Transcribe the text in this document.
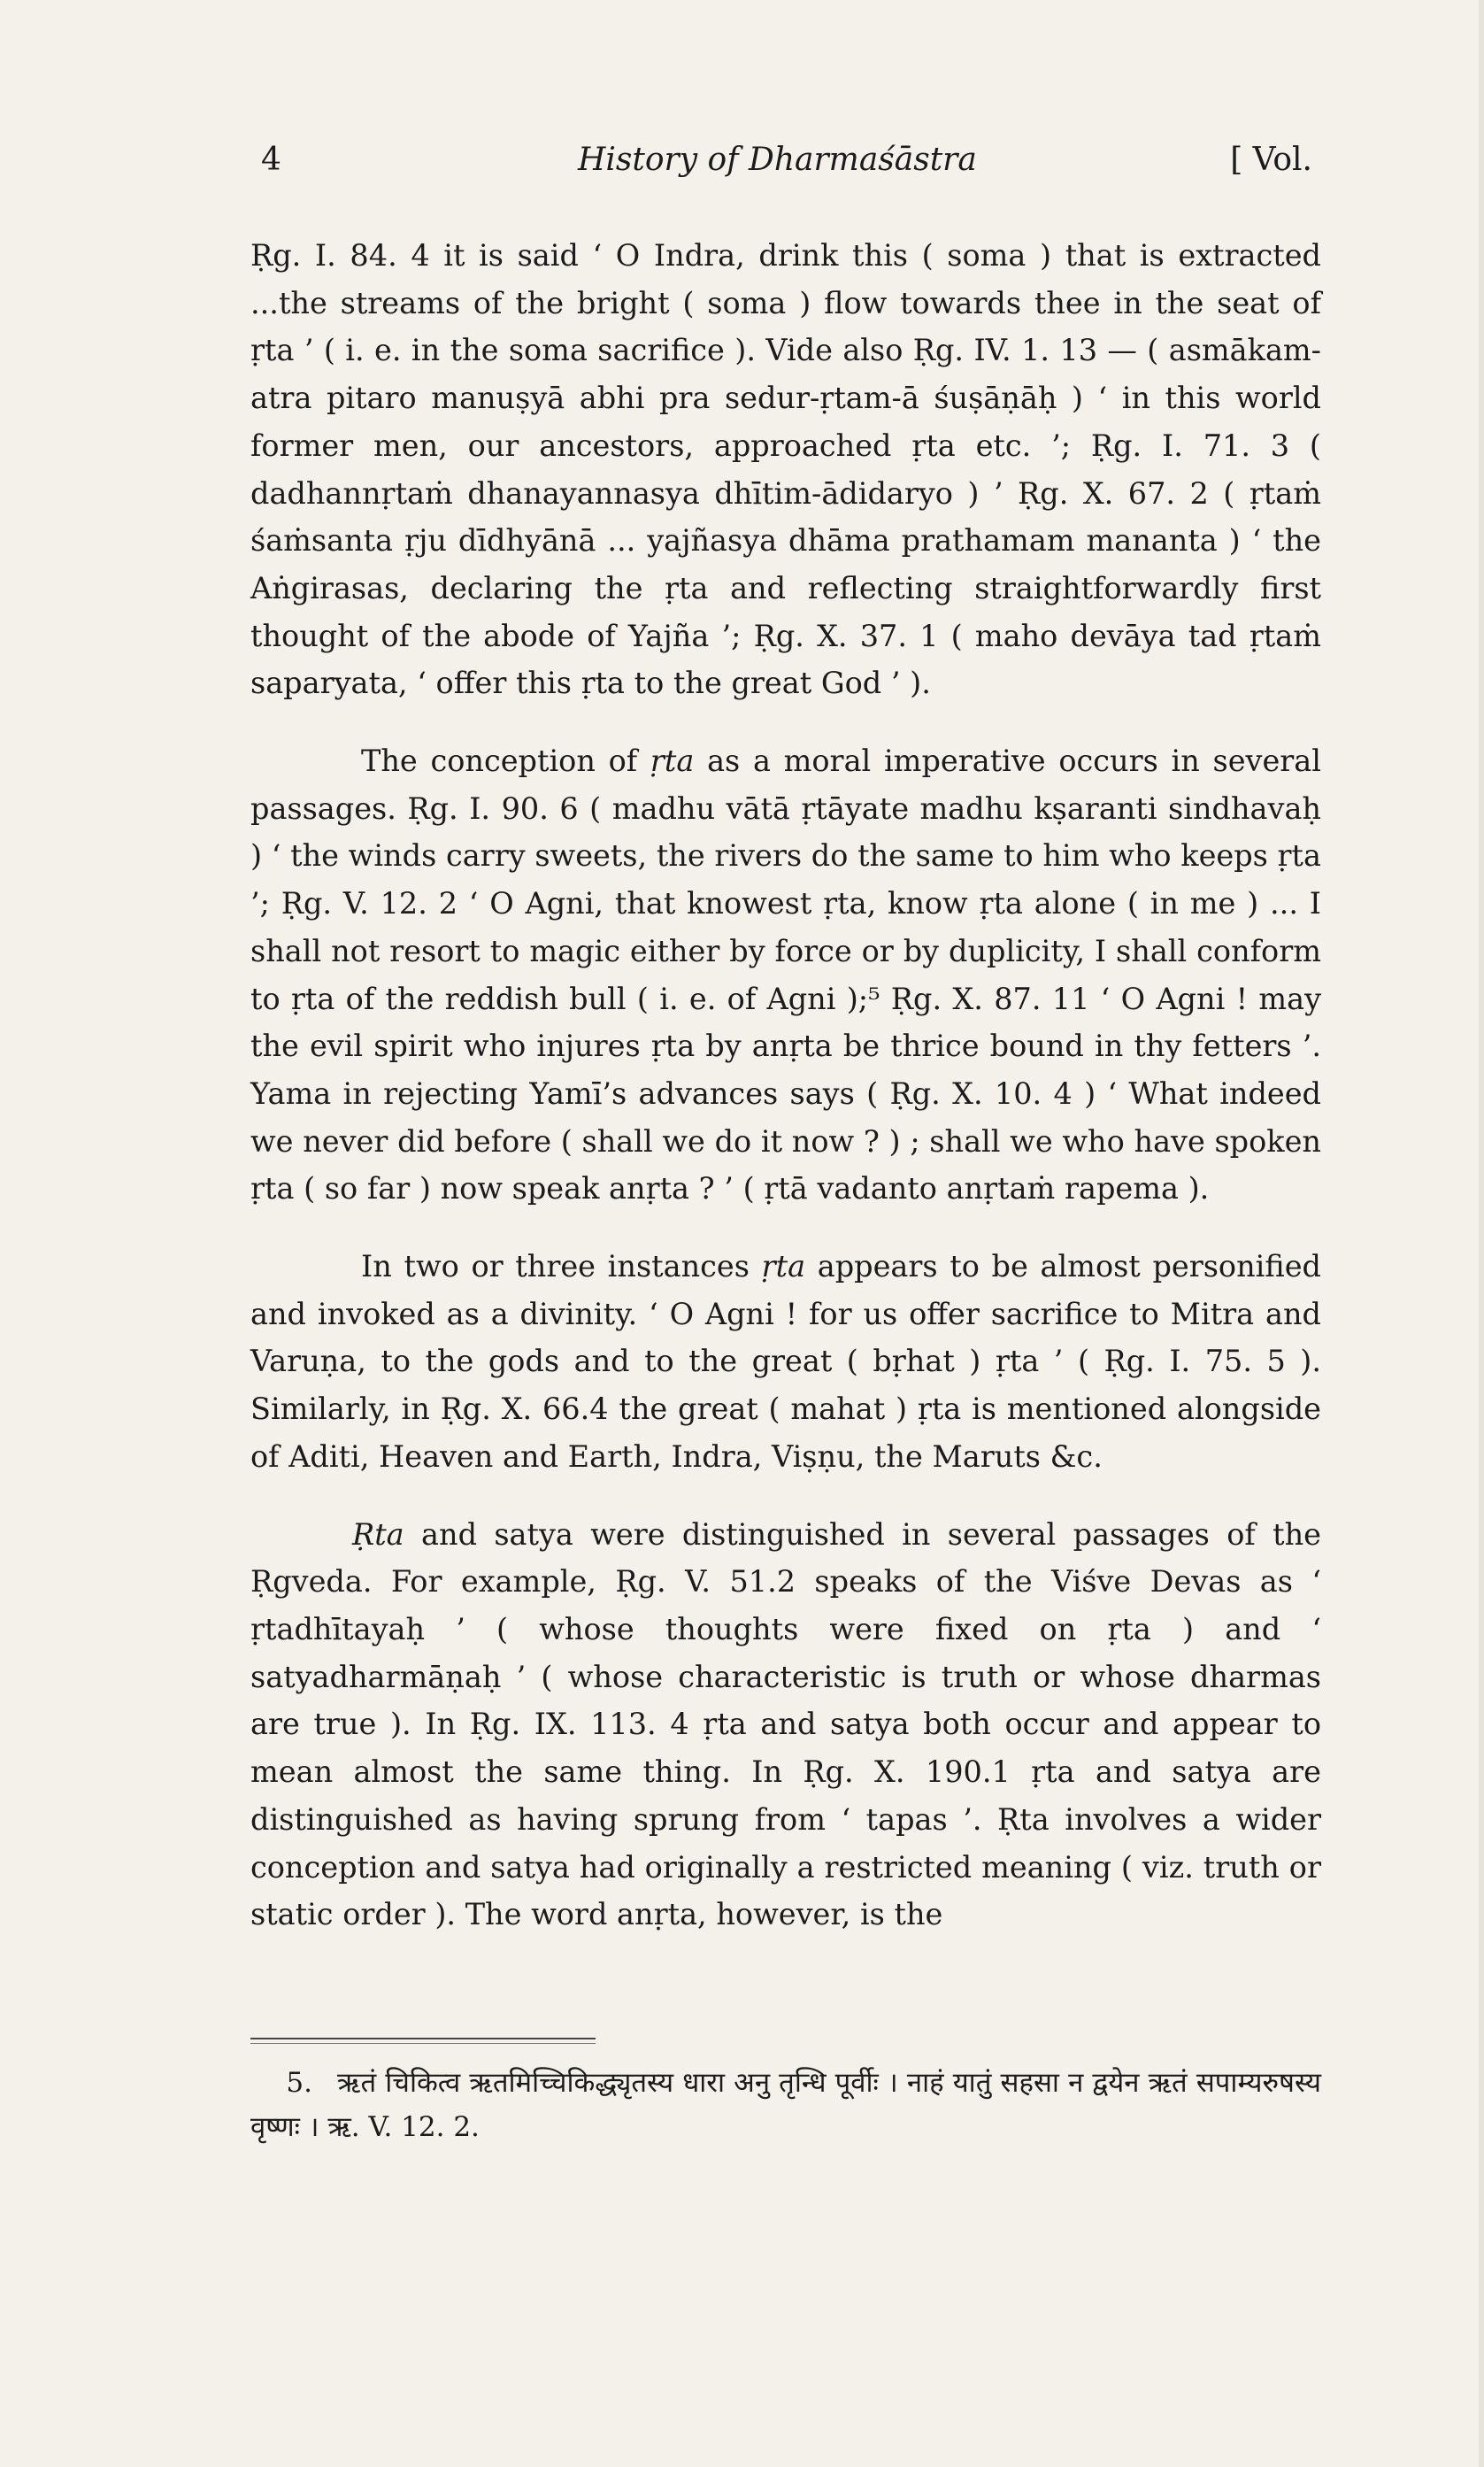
4	History of Dharmaśāstra	[ Vol.

Ṛg. I. 84. 4 it is said ‘ O Indra, drink this ( soma ) that is extracted ...the streams of the bright ( soma ) flow towards thee in the seat of ṛta ’ ( i. e. in the soma sacrifice ). Vide also Ṛg. IV. 1. 13 — ( asmākam-atra pitaro manuṣyā abhi pra sedur-ṛtam-ā śuṣāṇāḥ ) ‘ in this world former men, our ancestors, approached ṛta etc. ’; Ṛg. I. 71. 3 ( dadhannṛtaṁ dhanayannasya dhītim-ādidaryo ) ’ Ṛg. X. 67. 2 ( ṛtaṁ śaṁsanta ṛju dīdhyānā ... yajñasya dhāma prathamam mananta ) ‘ the Aṅgirasas, declaring the ṛta and reflecting straightforwardly first thought of the abode of Yajña ’; Ṛg. X. 37. 1 ( maho devāya tad ṛtaṁ saparyata, ‘ offer this ṛta to the great God ’ ).

The conception of ṛta as a moral imperative occurs in several passages. Ṛg. I. 90. 6 ( madhu vātā ṛtāyate madhu kṣaranti sindhavaḥ ) ‘ the winds carry sweets, the rivers do the same to him who keeps ṛta ’; Ṛg. V. 12. 2 ‘ O Agni, that knowest ṛta, know ṛta alone ( in me ) ... I shall not resort to magic either by force or by duplicity, I shall conform to ṛta of the reddish bull ( i. e. of Agni );⁵ Ṛg. X. 87. 11 ‘ O Agni ! may the evil spirit who injures ṛta by anṛta be thrice bound in thy fetters ’. Yama in rejecting Yamī’s advances says ( Ṛg. X. 10. 4 ) ‘ What indeed we never did before ( shall we do it now ? ) ; shall we who have spoken ṛta ( so far ) now speak anṛta ? ’ ( ṛtā vadanto anṛtaṁ rapema ).

In two or three instances ṛta appears to be almost personified and invoked as a divinity. ‘ O Agni ! for us offer sacrifice to Mitra and Varuṇa, to the gods and to the great ( bṛhat ) ṛta ’ ( Ṛg. I. 75. 5 ). Similarly, in Ṛg. X. 66.4 the great ( mahat ) ṛta is mentioned alongside of Aditi, Heaven and Earth, Indra, Viṣṇu, the Maruts &c.

Ṛta and satya were distinguished in several passages of the Ṛgveda. For example, Ṛg. V. 51.2 speaks of the Viśve Devas as ‘ ṛtadhītayaḥ ’ ( whose thoughts were fixed on ṛta ) and ‘ satyadharmāṇaḥ ’ ( whose characteristic is truth or whose dharmas are true ). In Ṛg. IX. 113. 4 ṛta and satya both occur and appear to mean almost the same thing. In Ṛg. X. 190.1 ṛta and satya are distinguished as having sprung from ‘ tapas ’. Ṛta involves a wider conception and satya had originally a restricted meaning ( viz. truth or static order ). The word anṛta, however, is the

5. ऋतं चिकित्व ऋतमिच्चिकिद्ध्यृतस्य धारा अनु तृन्धि पूर्वीः । नाहं यातुं सहसा न द्वयेन ऋतं सपाम्यरुषस्य वृष्णः । ऋ. V. 12. 2.
